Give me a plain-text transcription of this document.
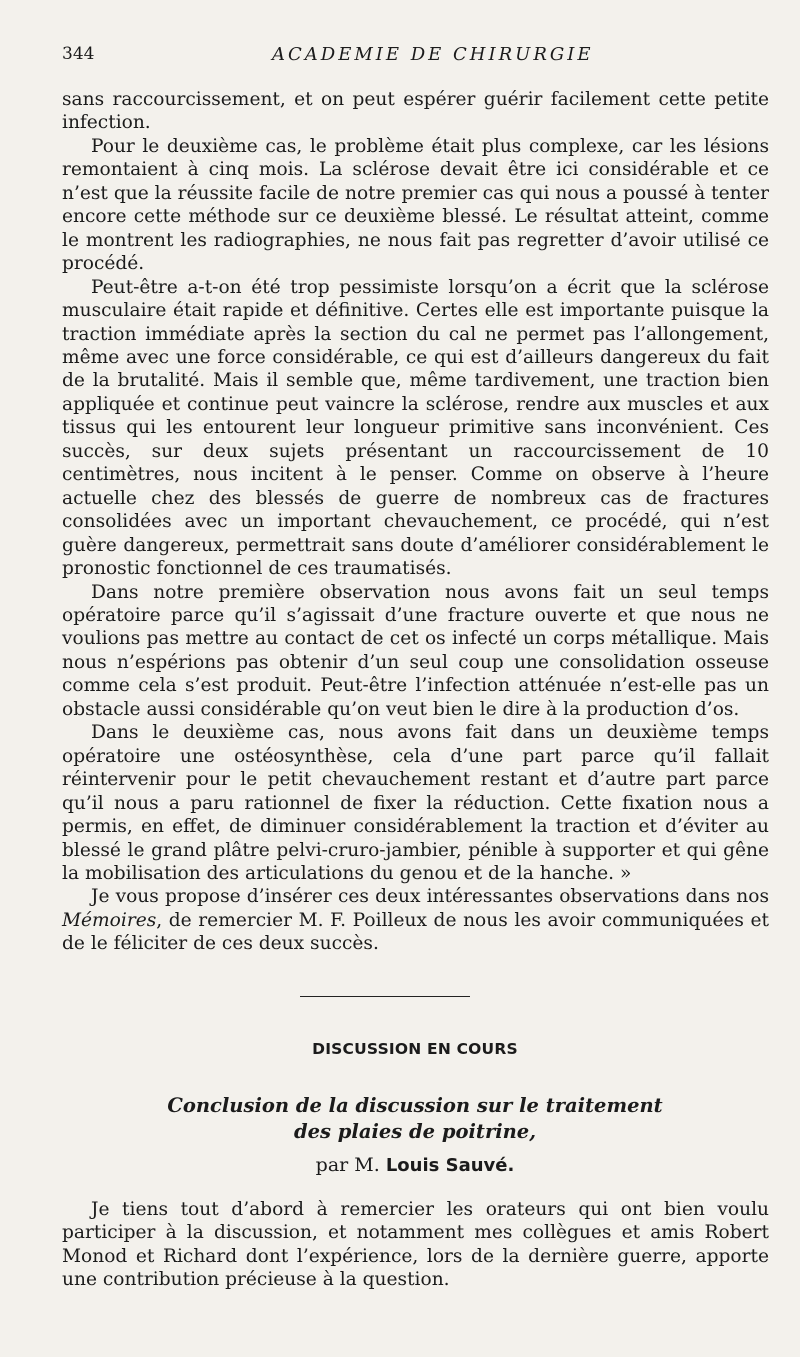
344	ACADEMIE DE CHIRURGIE

sans raccourcissement, et on peut espérer guérir facilement cette petite infection.

Pour le deuxième cas, le problème était plus complexe, car les lésions remontaient à cinq mois. La sclérose devait être ici considérable et ce n’est que la réussite facile de notre premier cas qui nous a poussé à tenter encore cette méthode sur ce deuxième blessé. Le résultat atteint, comme le montrent les radiographies, ne nous fait pas regretter d’avoir utilisé ce procédé.

Peut-être a-t-on été trop pessimiste lorsqu’on a écrit que la sclérose musculaire était rapide et définitive. Certes elle est importante puisque la traction immédiate après la section du cal ne permet pas l’allongement, même avec une force considérable, ce qui est d’ailleurs dangereux du fait de la brutalité. Mais il semble que, même tardivement, une traction bien appliquée et continue peut vaincre la sclérose, rendre aux muscles et aux tissus qui les entourent leur longueur primitive sans inconvénient. Ces succès, sur deux sujets présentant un raccourcissement de 10 centimètres, nous incitent à le penser. Comme on observe à l’heure actuelle chez des blessés de guerre de nombreux cas de fractures consolidées avec un important chevauchement, ce procédé, qui n’est guère dangereux, permettrait sans doute d’améliorer considérablement le pronostic fonctionnel de ces traumatisés.

Dans notre première observation nous avons fait un seul temps opératoire parce qu’il s’agissait d’une fracture ouverte et que nous ne voulions pas mettre au contact de cet os infecté un corps métallique. Mais nous n’espérions pas obtenir d’un seul coup une consolidation osseuse comme cela s’est produit. Peut-être l’infection atténuée n’est-elle pas un obstacle aussi considérable qu’on veut bien le dire à la production d’os.

Dans le deuxième cas, nous avons fait dans un deuxième temps opératoire une ostéosynthèse, cela d’une part parce qu’il fallait réintervenir pour le petit chevauchement restant et d’autre part parce qu’il nous a paru rationnel de fixer la réduction. Cette fixation nous a permis, en effet, de diminuer considérablement la traction et d’éviter au blessé le grand plâtre pelvi-cruro-jambier, pénible à supporter et qui gêne la mobilisation des articulations du genou et de la hanche. »

Je vous propose d’insérer ces deux intéressantes observations dans nos Mémoires, de remercier M. F. Poilleux de nous les avoir communiquées et de le féliciter de ces deux succès.

DISCUSSION EN COURS
Conclusion de la discussion sur le traitement
des plaies de poitrine,
par M. Louis Sauvé.

Je tiens tout d’abord à remercier les orateurs qui ont bien voulu participer à la discussion, et notamment mes collègues et amis Robert Monod et Richard dont l’expérience, lors de la dernière guerre, apporte une contribution précieuse à la question.
